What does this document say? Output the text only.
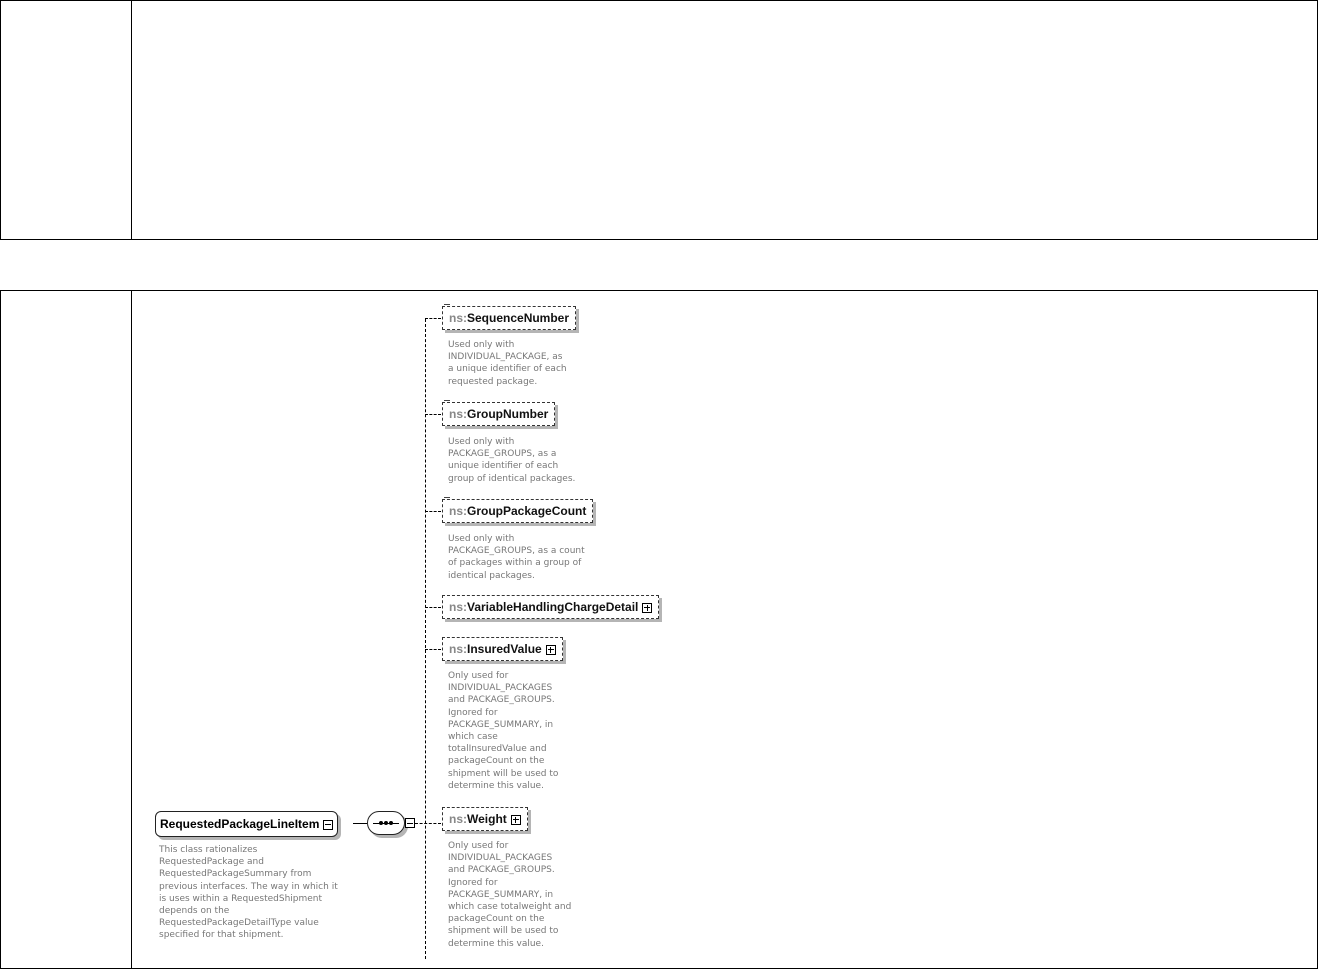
RequestedPackageLineItem
This class rationalizes
RequestedPackage and
RequestedPackageSummary from
previous interfaces. The way in which it
is uses within a RequestedShipment
depends on the
RequestedPackageDetailType value
specified for that shipment.
ns:SequenceNumber
Used only with
INDIVIDUAL_PACKAGE, as
a unique identifier of each
requested package.
ns:GroupNumber
Used only with
PACKAGE_GROUPS, as a
unique identifier of each
group of identical packages.
ns:GroupPackageCount
Used only with
PACKAGE_GROUPS, as a count
of packages within a group of
identical packages.
ns:VariableHandlingChargeDetail
ns:InsuredValue
Only used for
INDIVIDUAL_PACKAGES
and PACKAGE_GROUPS.
Ignored for
PACKAGE_SUMMARY, in
which case
totalInsuredValue and
packageCount on the
shipment will be used to
determine this value.
ns:Weight
Only used for
INDIVIDUAL_PACKAGES
and PACKAGE_GROUPS.
Ignored for
PACKAGE_SUMMARY, in
which case totalweight and
packageCount on the
shipment will be used to
determine this value.
